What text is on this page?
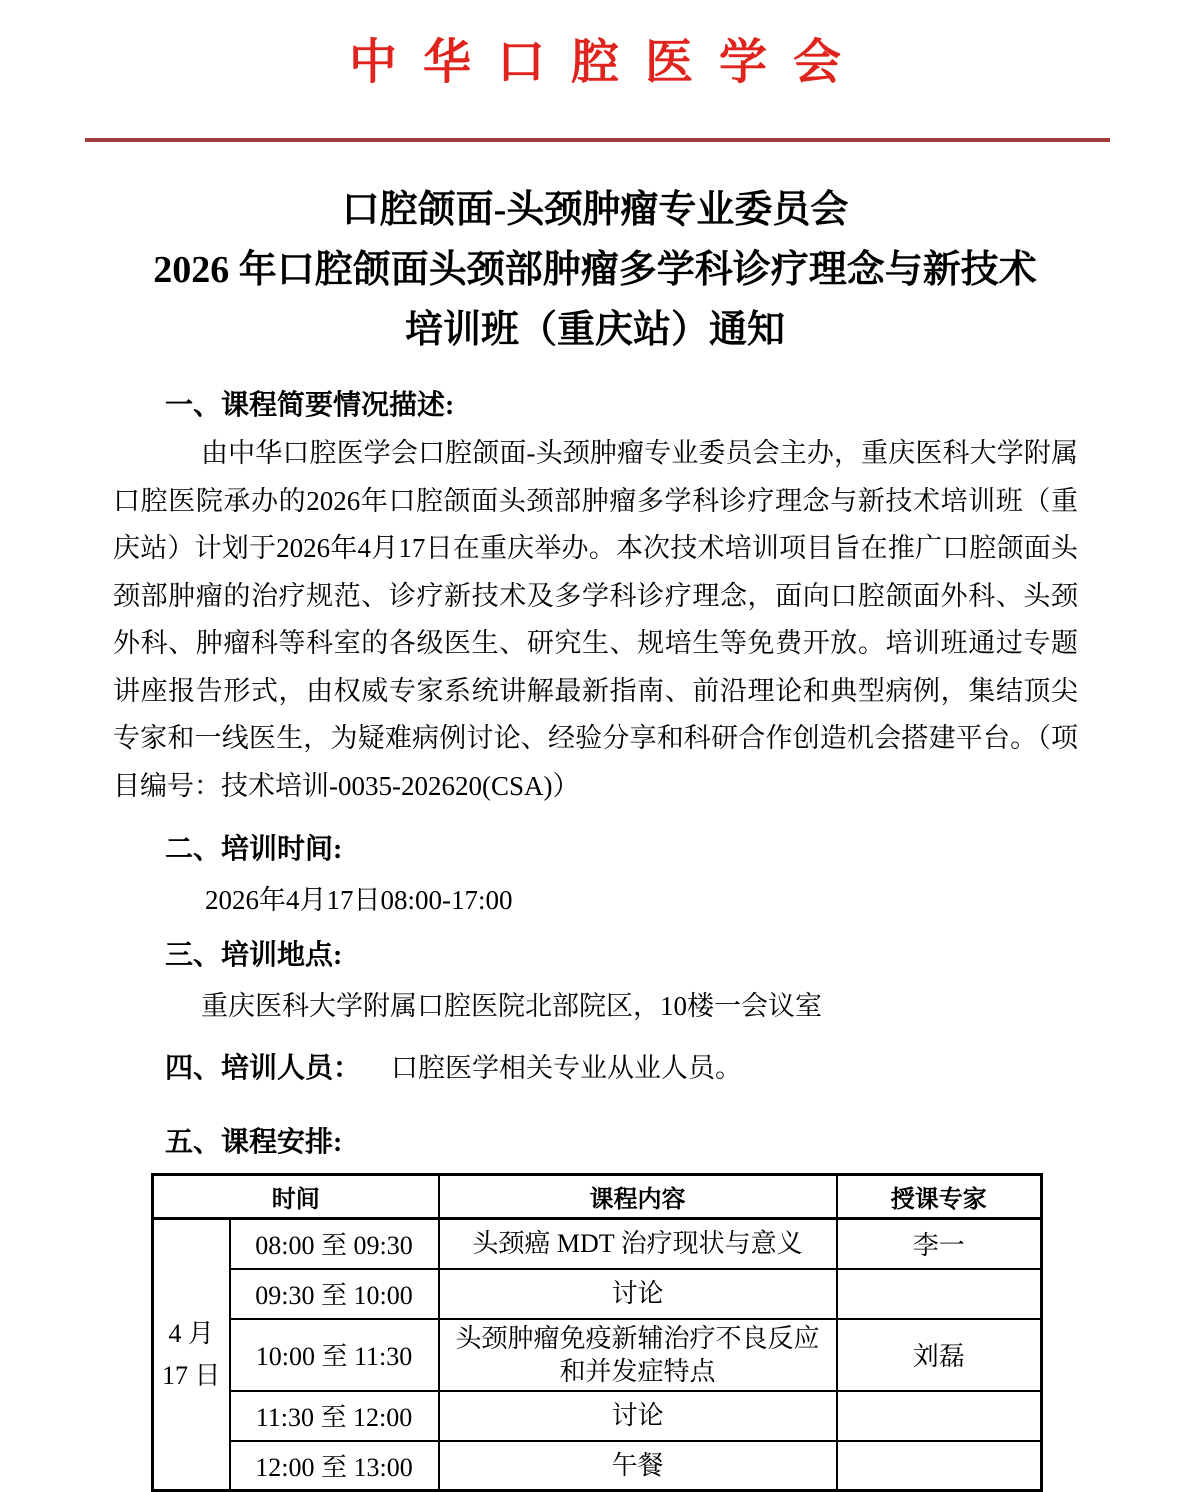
中华口腔医学会
口腔颌面-头颈肿瘤专业委员会
2026 年口腔颌面头颈部肿瘤多学科诊疗理念与新技术
培训班（重庆站）通知
一、课程简要情况描述:

由中华口腔医学会口腔颌面-头颈肿瘤专业委员会主办，重庆医科大学附属口腔医院承办的2026年口腔颌面头颈部肿瘤多学科诊疗理念与新技术培训班（重庆站）计划于2026年4月17日在重庆举办。本次技术培训项目旨在推广口腔颌面头颈部肿瘤的治疗规范、诊疗新技术及多学科诊疗理念，面向口腔颌面外科、头颈外科、肿瘤科等科室的各级医生、研究生、规培生等免费开放。培训班通过专题讲座报告形式，由权威专家系统讲解最新指南、前沿理论和典型病例，集结顶尖专家和一线医生，为疑难病例讨论、经验分享和科研合作创造机会搭建平台。（项目编号：技术培训-0035-202620(CSA)）

二、培训时间:
2026年4月17日08:00-17:00
三、培训地点:
重庆医科大学附属口腔医院北部院区，10楼一会议室
四、培训人员： 口腔医学相关专业从业人员。
五、课程安排:
时间		课程内容	授课专家

4 月
17 日	08:00 至 09:30	头颈癌 MDT 治疗现状与意义	李一
	09:30 至 10:00	讨论	
	10:00 至 11:30	头颈肿瘤免疫新辅治疗不良反应和并发症特点	刘磊
	11:30 至 12:00	讨论	
	12:00 至 13:00	午餐	
